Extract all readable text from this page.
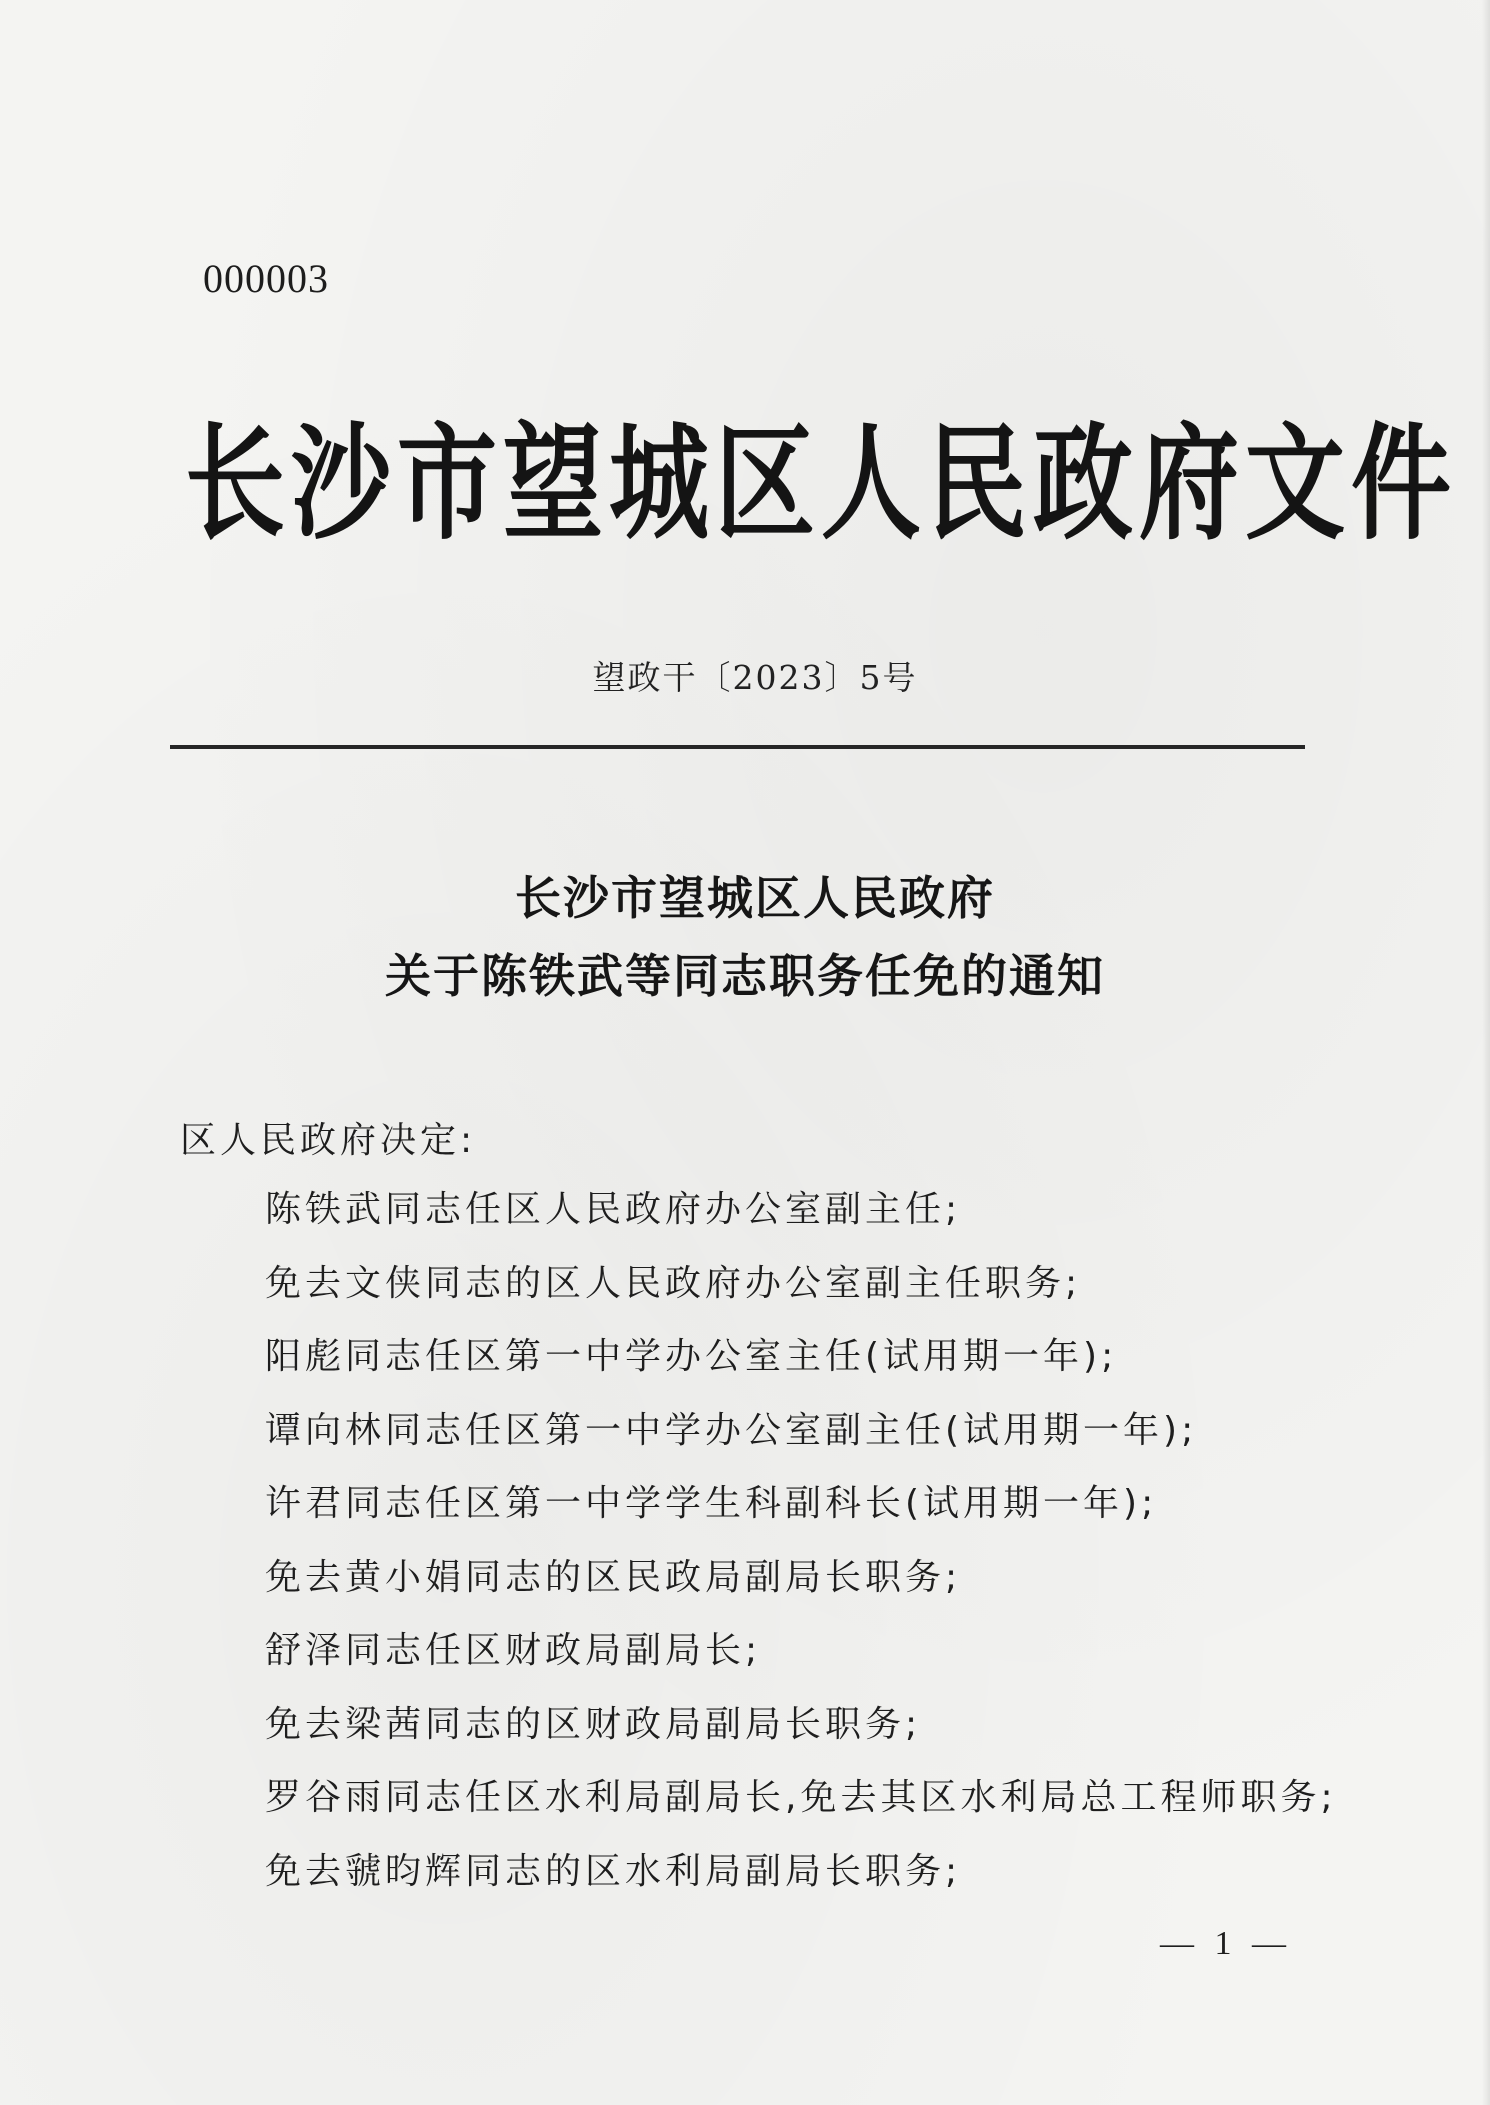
000003
长沙市望城区人民政府文件
望政干〔2023〕5号
长沙市望城区人民政府
关于陈铁武等同志职务任免的通知
区人民政府决定:
陈铁武同志任区人民政府办公室副主任;
免去文侠同志的区人民政府办公室副主任职务;
阳彪同志任区第一中学办公室主任(试用期一年);
谭向林同志任区第一中学办公室副主任(试用期一年);
许君同志任区第一中学学生科副科长(试用期一年);
免去黄小娟同志的区民政局副局长职务;
舒泽同志任区财政局副局长;
免去梁茜同志的区财政局副局长职务;
罗谷雨同志任区水利局副局长,免去其区水利局总工程师职务;
免去虢昀辉同志的区水利局副局长职务;
— 1 —
